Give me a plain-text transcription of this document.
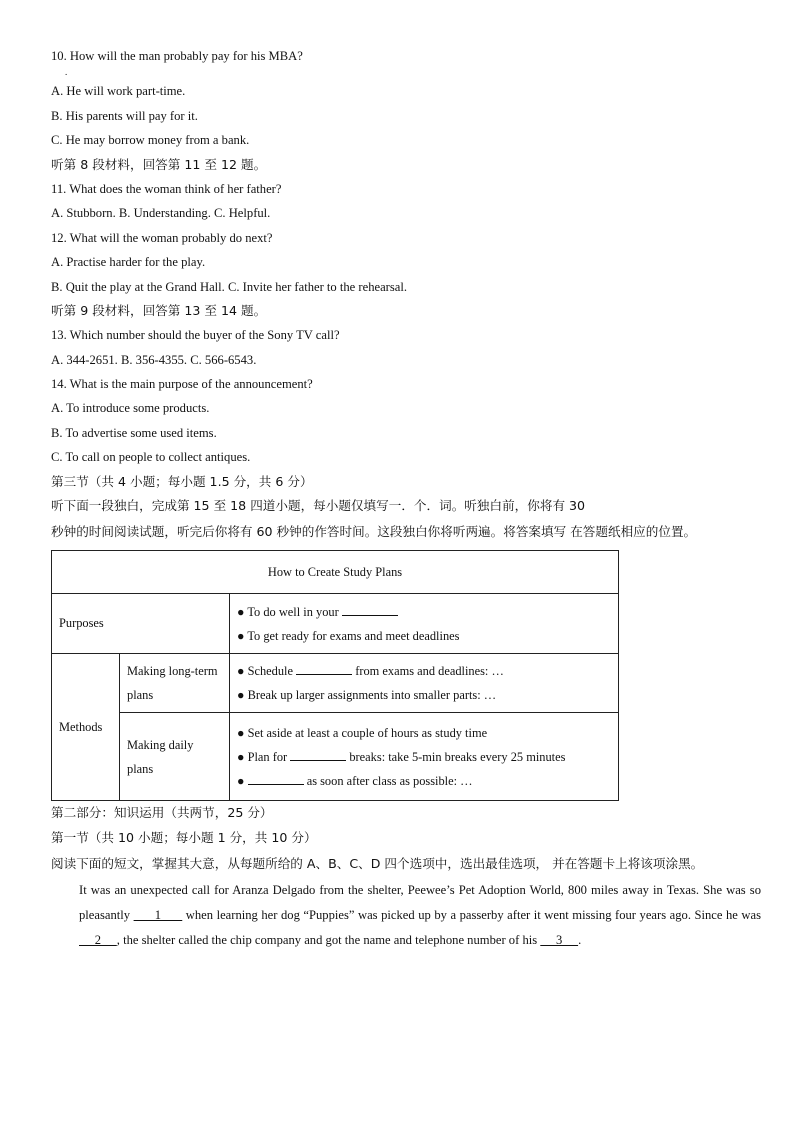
10. How will the man probably pay for his MBA?
.
A. He will work part-time.
B. His parents will pay for it.
C. He may borrow money from a bank.
听第 8 段材料，回答第 11 至 12 题。
11. What does the woman think of her father?
A. Stubborn. B. Understanding. C. Helpful.
12. What will the woman probably do next?
A. Practise harder for the play.
B. Quit the play at the Grand Hall. C. Invite her father to the rehearsal.
听第 9 段材料，回答第 13 至 14 题。
13. Which number should the buyer of the Sony TV call?
A. 344-2651. B. 356-4355. C. 566-6543.
14. What is the main purpose of the announcement?
A. To introduce some products.
B. To advertise some used items.
C. To call on people to collect antiques.
第三节（共 4 小题；每小题 1.5 分，共 6 分）
听下面一段独白，完成第 15 至 18 四道小题，每小题仅填写一．个．词。听独白前，你将有 30
秒钟的时间阅读试题，听完后你将有 60 秒钟的作答时间。这段独白你将听两遍。将答案填写 在答题纸相应的位置。
How to Create Study Plans		
Purposes		● To do well in your
● To get ready for exams and meet deadlines

Methods	Making long-term plans	● Schedule from exams and deadlines: …
● Break up larger assignments into smaller parts: …

	Making daily plans	● Set aside at least a couple of hours as study time
● Plan for breaks: take 5-min breaks every 25 minutes
● as soon after class as possible: …
第二部分：知识运用（共两节，25 分）
第一节（共 10 小题；每小题 1 分，共 10 分）
阅读下面的短文，掌握其大意，从每题所给的 A、B、C、D 四个选项中，选出最佳选项， 并在答题卡上将该项涂黑。
It was an unexpected call for Aranza Delgado from the shelter, Peewee’s Pet Adoption World, 800 miles away in Texas. She was so pleasantly       1       when learning her dog “Puppies” was picked up by a passerby after it went missing four years ago. Since he was      2     , the shelter called the chip company and got the name and telephone number of his      3     .
